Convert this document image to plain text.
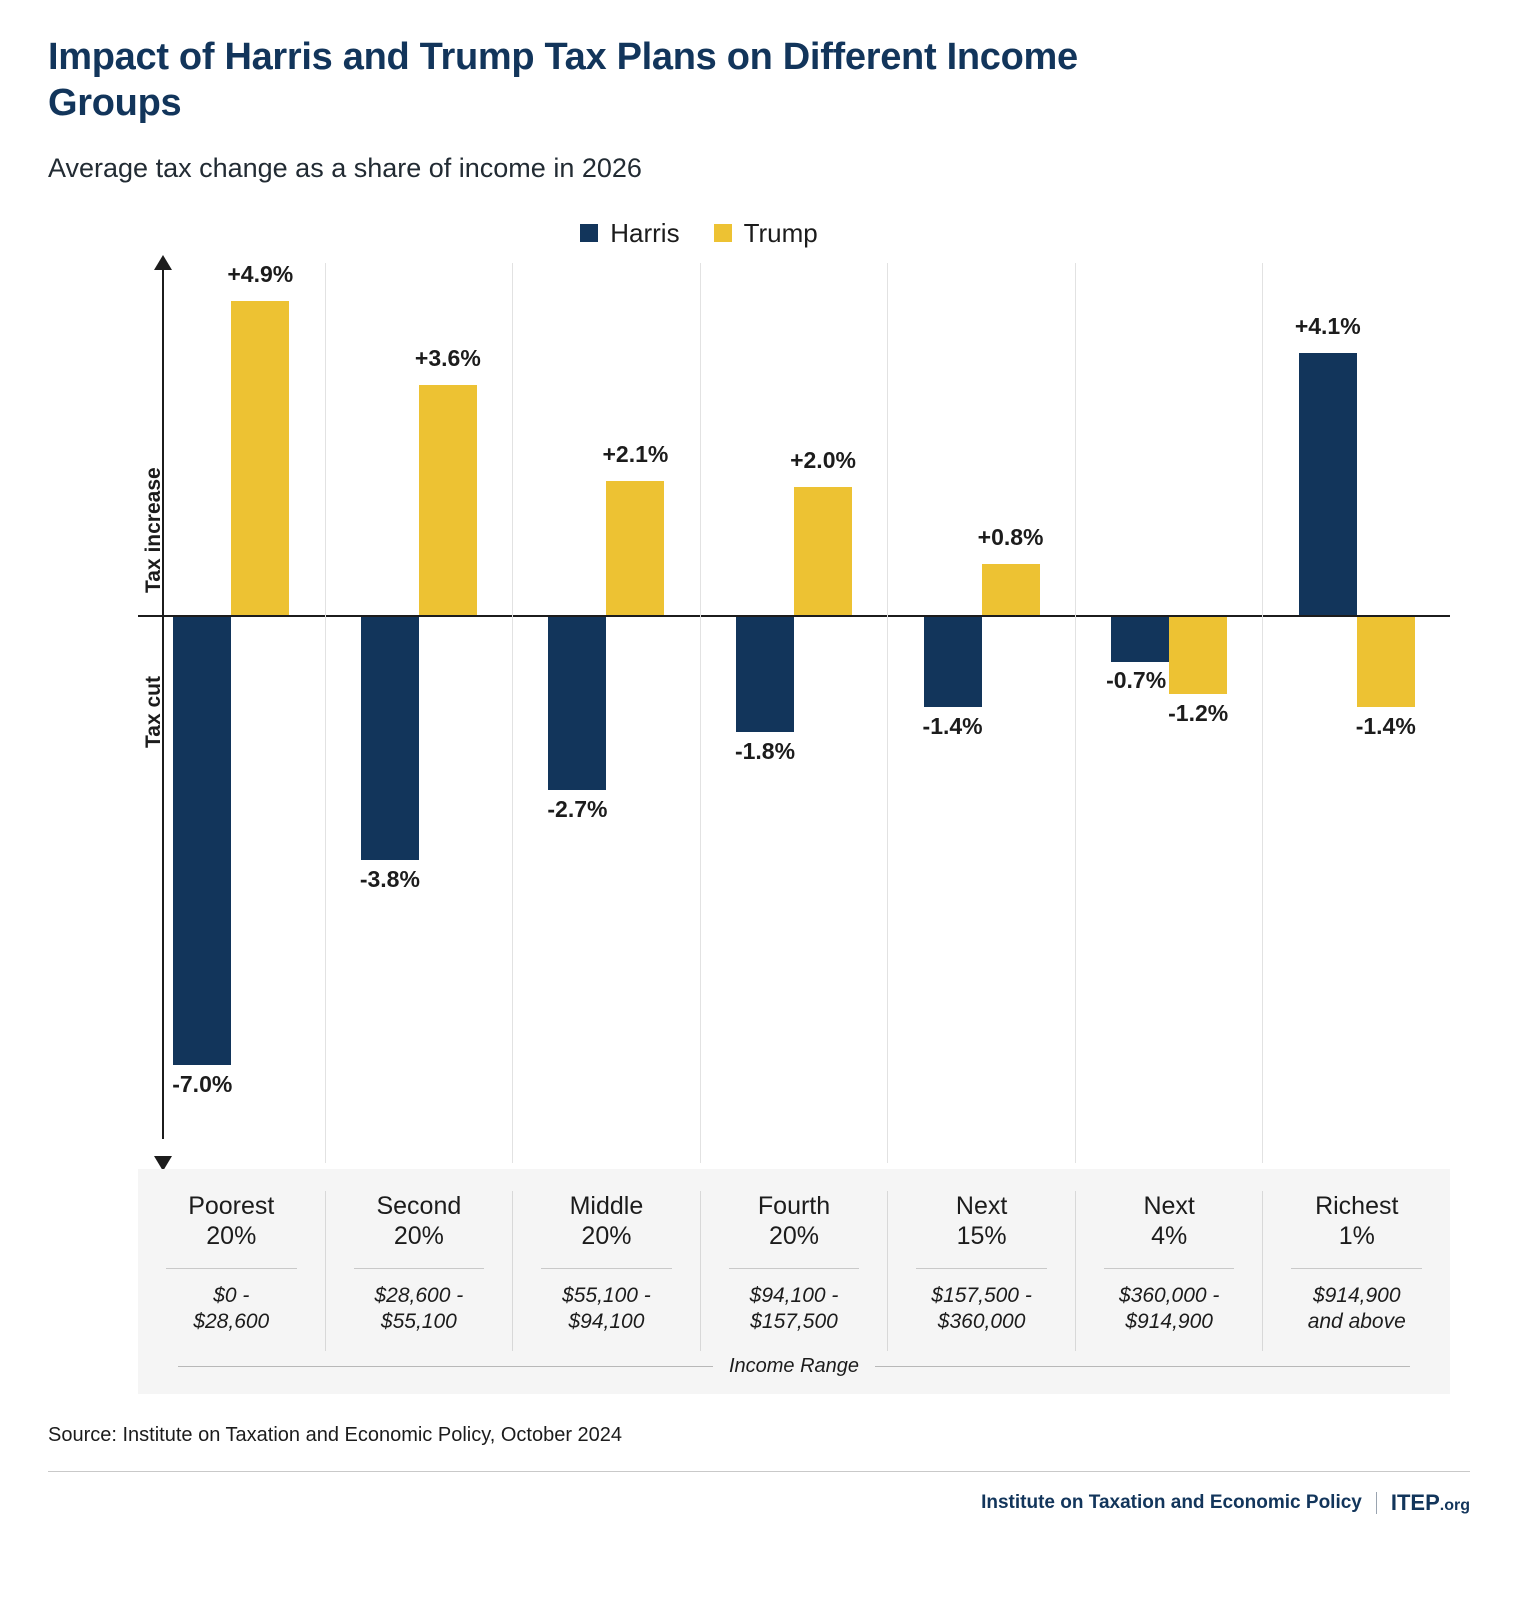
Impact of Harris and Trump Tax Plans on Different Income Groups
Average tax change as a share of income in 2026
Harris Trump
Tax increase
Tax cut
-7.0%
+4.9%
-3.8%
+3.6%
-2.7%
+2.1%
-1.8%
+2.0%
-1.4%
+0.8%
-0.7%
-1.2%
+4.1%
-1.4%
Poorest
20%
$0 -
$28,600
Second
20%
$28,600 -
$55,100
Middle
20%
$55,100 -
$94,100
Fourth
20%
$94,100 -
$157,500
Next
15%
$157,500 -
$360,000
Next
4%
$360,000 -
$914,900
Richest
1%
$914,900
and above
Income Range
Source: Institute on Taxation and Economic Policy, October 2024
Institute on Taxation and Economic Policy ITEP.org
